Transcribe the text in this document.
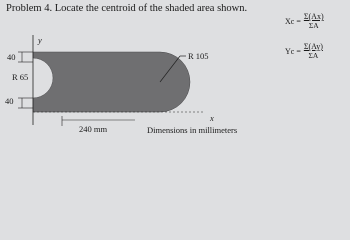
Problem 4. Locate the centroid of the shaded area shown.
$Xc = \frac{\Sigma(Ax)}{\Sigma A}$
$Yc = \frac{\Sigma(Ay)}{\Sigma A}$
40
R 65
40
R 105
240 mm
y
x
Dimensions in millimeters
